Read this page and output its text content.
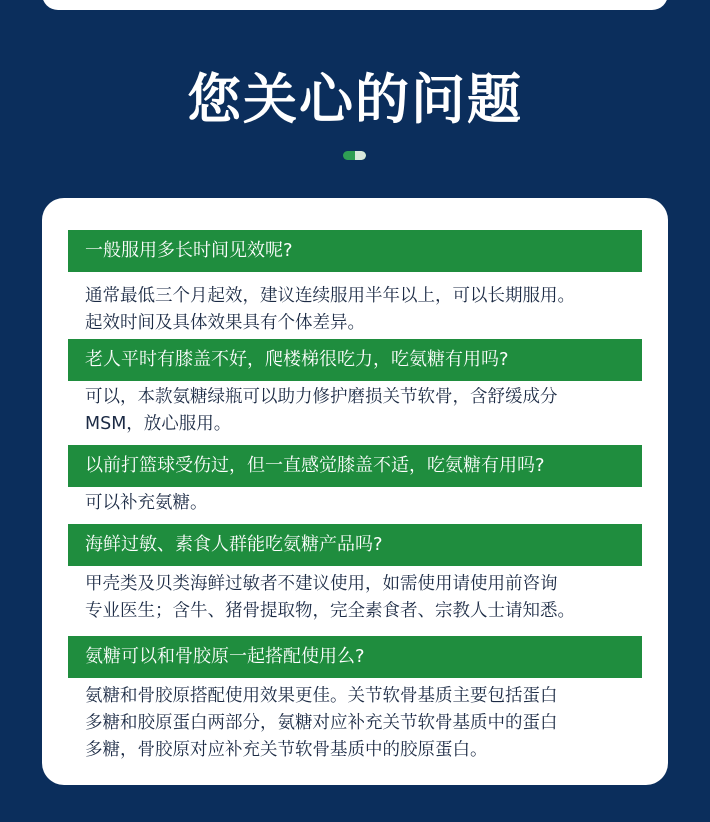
您关心的问题
一般服用多长时间见效呢?
通常最低三个月起效，建议连续服用半年以上，可以长期服用。
起效时间及具体效果具有个体差异。
老人平时有膝盖不好，爬楼梯很吃力，吃氨糖有用吗?
可以，本款氨糖绿瓶可以助力修护磨损关节软骨，含舒缓成分
MSM，放心服用。
以前打篮球受伤过，但一直感觉膝盖不适，吃氨糖有用吗?
可以补充氨糖。
海鲜过敏、素食人群能吃氨糖产品吗?
甲壳类及贝类海鲜过敏者不建议使用，如需使用请使用前咨询
专业医生；含牛、猪骨提取物，完全素食者、宗教人士请知悉。
氨糖可以和骨胶原一起搭配使用么?
氨糖和骨胶原搭配使用效果更佳。关节软骨基质主要包括蛋白
多糖和胶原蛋白两部分，氨糖对应补充关节软骨基质中的蛋白
多糖，骨胶原对应补充关节软骨基质中的胶原蛋白。
